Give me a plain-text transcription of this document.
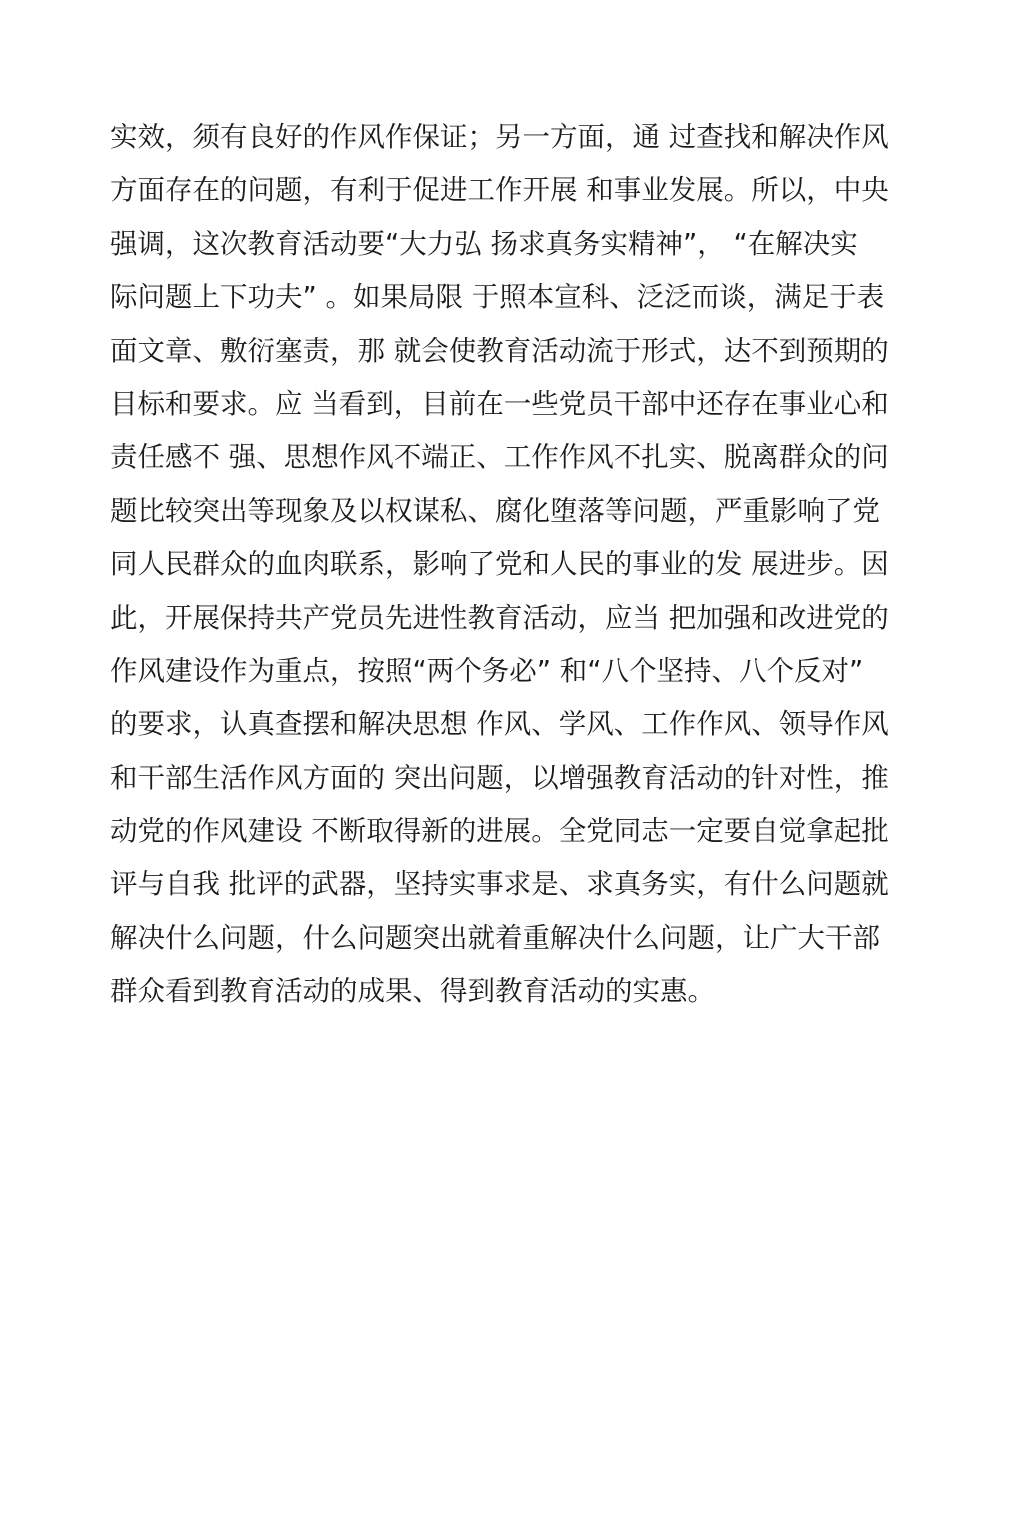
实效，须有良好的作风作保证；另一方面，通 过查找和解决作风
方面存在的问题，有利于促进工作开展 和事业发展。所以，中央
强调，这次教育活动要“大力弘 扬求真务实精神”， “在解决实
际问题上下功夫” 。如果局限 于照本宣科、泛泛而谈，满足于表
面文章、敷衍塞责，那 就会使教育活动流于形式，达不到预期的
目标和要求。应 当看到，目前在一些党员干部中还存在事业心和
责任感不 强、思想作风不端正、工作作风不扎实、脱离群众的问
题比较突出等现象及以权谋私、腐化堕落等问题，严重影响了党
同人民群众的血肉联系，影响了党和人民的事业的发 展进步。因
此，开展保持共产党员先进性教育活动，应当 把加强和改进党的
作风建设作为重点，按照“两个务必” 和“八个坚持、八个反对”
的要求，认真查摆和解决思想 作风、学风、工作作风、领导作风
和干部生活作风方面的 突出问题，以增强教育活动的针对性，推
动党的作风建设 不断取得新的进展。全党同志一定要自觉拿起批
评与自我 批评的武器，坚持实事求是、求真务实，有什么问题就
解决什么问题，什么问题突出就着重解决什么问题，让广大干部
群众看到教育活动的成果、得到教育活动的实惠。
